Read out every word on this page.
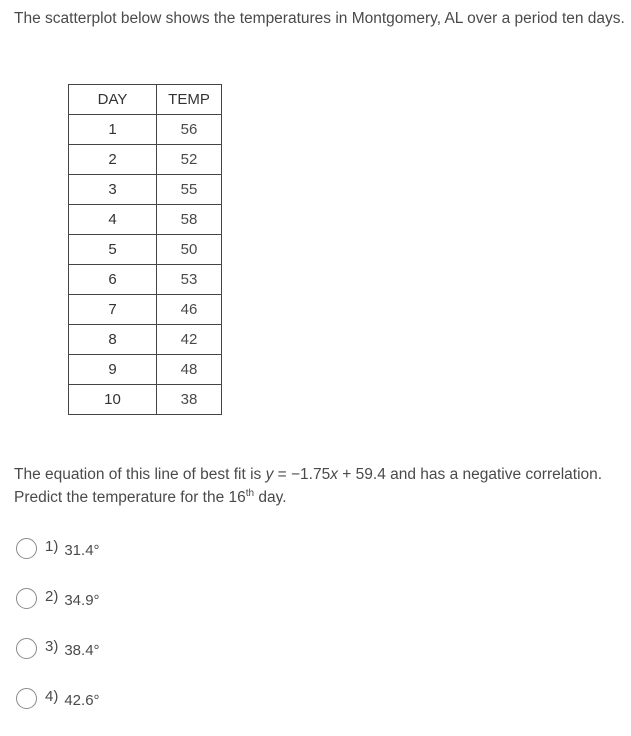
The scatterplot below shows the temperatures in Montgomery, AL over a period ten days.

DAY	TEMP
1	56
2	52
3	55
4	58
5	50
6	53
7	46
8	42
9	48
10	38

The equation of this line of best fit is y = −1.75x + 59.4 and has a negative correlation. Predict the temperature for the 16th day.

1) 31.4°
2) 34.9°
3) 38.4°
4) 42.6°
